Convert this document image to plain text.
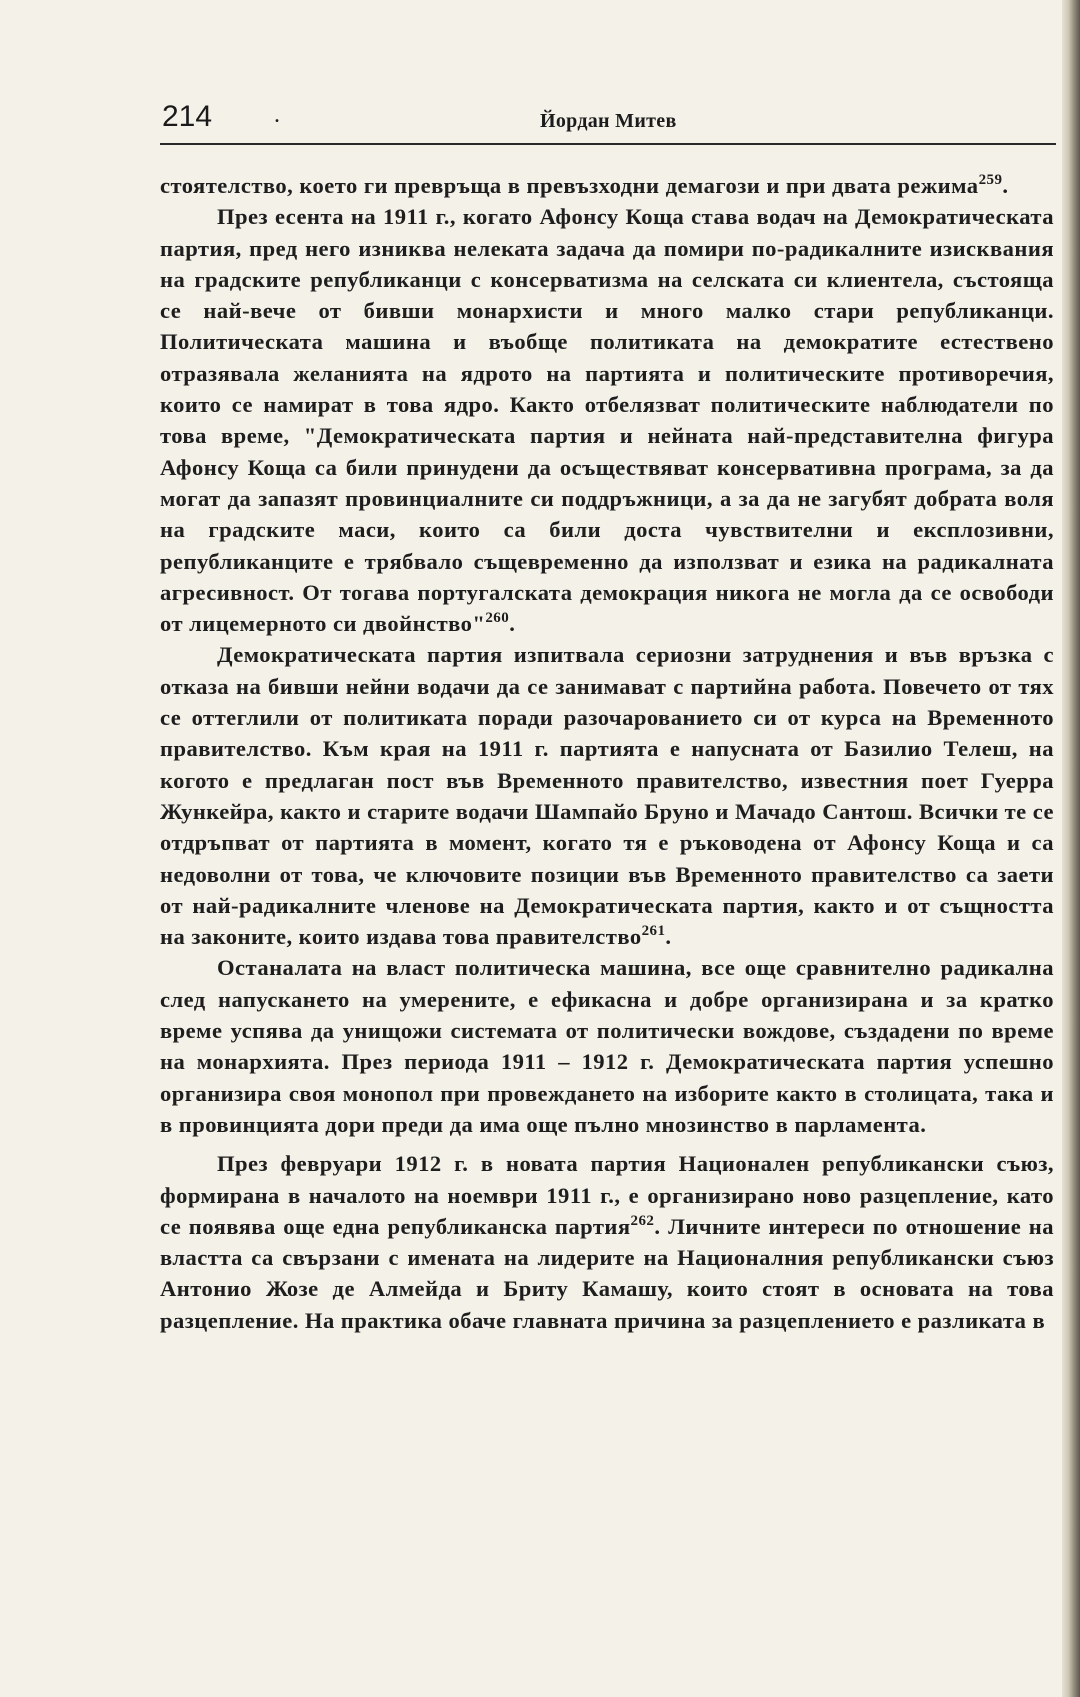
214	.	Йордан Митев

стоятелство, което ги превръща в превъзходни демагози и при двата режима$^{259}$.

През есента на 1911 г., когато Афонсу Коща става водач на Демократическата партия, пред него изниква нелеката задача да помири по-радикалните изисквания на градските републиканци с консерватизма на селската си клиентела, състояща се най-вече от бивши монархисти и много малко стари републиканци. Политическата машина и въобще политиката на демократите естествено отразявала желанията на ядрото на партията и политическите противоречия, които се намират в това ядро. Както отбелязват политическите наблюдатели по това време, "Демократическата партия и нейната най-представителна фигура Афонсу Коща са били принудени да осъществяват консервативна програма, за да могат да запазят провинциалните си поддръжници, а за да не загубят добрата воля на градските маси, които са били доста чувствителни и експлозивни, републиканците е трябвало същевременно да използват и езика на радикалната агресивност. От тогава португалската демокрация никога не могла да се освободи от лицемерното си двойнство"$^{260}$.

Демократическата партия изпитвала сериозни затруднения и във връзка с отказа на бивши нейни водачи да се занимават с партийна работа. Повечето от тях се оттеглили от политиката поради разочарованието си от курса на Временното правителство. Към края на 1911 г. партията е напусната от Базилио Телеш, на когото е предлаган пост във Временното правителство, известния поет Гуерра Жункейра, както и старите водачи Шампайо Бруно и Мачадо Сантош. Всички те се отдръпват от партията в момент, когато тя е ръководена от Афонсу Коща и са недоволни от това, че ключовите позиции във Временното правителство са заети от най-радикалните членове на Демократическата партия, както и от същността на законите, които издава това правителство$^{261}$.

Останалата на власт политическа машина, все още сравнително радикална след напускането на умерените, е ефикасна и добре организирана и за кратко време успява да унищожи системата от политически вождове, създадени по време на монархията. През периода 1911 – 1912 г. Демократическата партия успешно организира своя монопол при провеждането на изборите както в столицата, така и в провинцията дори преди да има още пълно мнозинство в парламента.

През февруари 1912 г. в новата партия Национален републикански съюз, формирана в началото на ноември 1911 г., е организирано ново разцепление, като се появява още една републиканска партия$^{262}$. Личните интереси по отношение на властта са свързани с имената на лидерите на Националния републикански съюз Антонио Жозе де Алмейда и Бриту Камашу, които стоят в основата на това разцепление. На практика обаче главната причина за разцеплението е разликата в
